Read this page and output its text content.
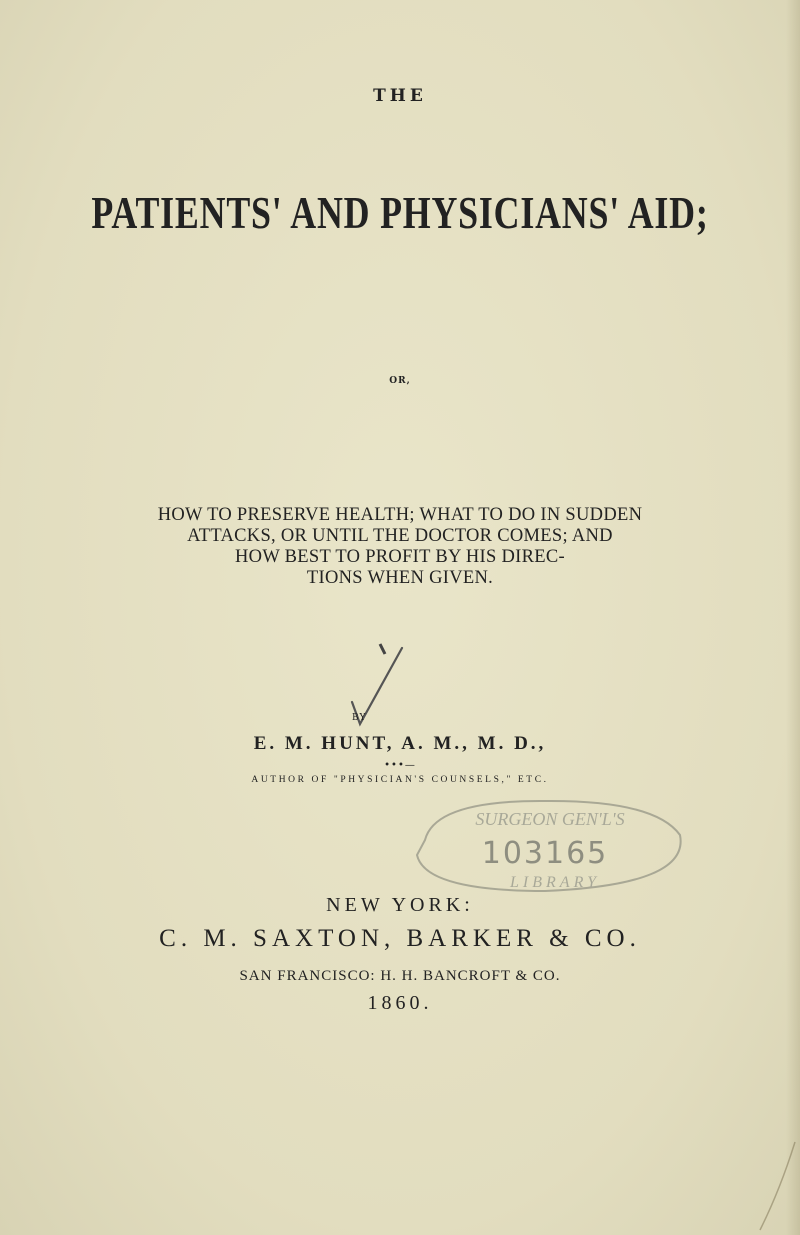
THE

PATIENTS' AND PHYSICIANS' AID;

OR,

HOW TO PRESERVE HEALTH; WHAT TO DO IN SUDDEN
ATTACKS, OR UNTIL THE DOCTOR COMES; AND
HOW BEST TO PROFIT BY HIS DIREC-
TIONS WHEN GIVEN.

BY

E. M. HUNT, A. M., M. D.,

•••—

AUTHOR OF "PHYSICIAN'S COUNSELS," ETC.

SURGEON GEN'L'S
103165
LIBRARY

NEW YORK:

C. M. SAXTON, BARKER & CO.

SAN FRANCISCO: H. H. BANCROFT & CO.

1860.
